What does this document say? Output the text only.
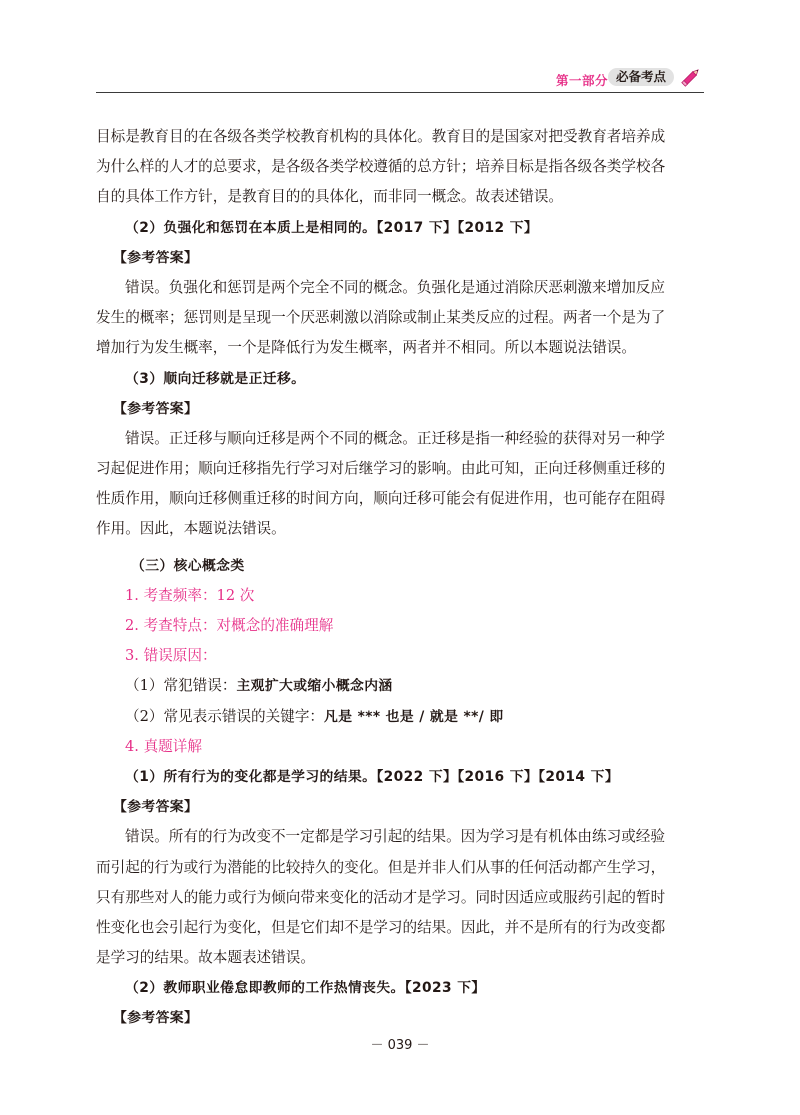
第一部分 必备考点
目标是教育目的在各级各类学校教育机构的具体化。教育目的是国家对把受教育者培养成
为什么样的人才的总要求，是各级各类学校遵循的总方针；培养目标是指各级各类学校各
自的具体工作方针，是教育目的的具体化，而非同一概念。故表述错误。
（2）负强化和惩罚在本质上是相同的。【2017 下】【2012 下】
【参考答案】
错误。负强化和惩罚是两个完全不同的概念。负强化是通过消除厌恶刺激来增加反应
发生的概率；惩罚则是呈现一个厌恶刺激以消除或制止某类反应的过程。两者一个是为了
增加行为发生概率，一个是降低行为发生概率，两者并不相同。所以本题说法错误。
（3）顺向迁移就是正迁移。
【参考答案】
错误。正迁移与顺向迁移是两个不同的概念。正迁移是指一种经验的获得对另一种学
习起促进作用；顺向迁移指先行学习对后继学习的影响。由此可知，正向迁移侧重迁移的
性质作用，顺向迁移侧重迁移的时间方向，顺向迁移可能会有促进作用，也可能存在阻碍
作用。因此，本题说法错误。
（三）核心概念类
1. 考查频率：12 次
2. 考查特点：对概念的准确理解
3. 错误原因：
（1）常犯错误：主观扩大或缩小概念内涵
（2）常见表示错误的关键字：凡是 *** 也是 / 就是 **/ 即
4. 真题详解
（1）所有行为的变化都是学习的结果。【2022 下】【2016 下】【2014 下】
【参考答案】
错误。所有的行为改变不一定都是学习引起的结果。因为学习是有机体由练习或经验
而引起的行为或行为潜能的比较持久的变化。但是并非人们从事的任何活动都产生学习，
只有那些对人的能力或行为倾向带来变化的活动才是学习。同时因适应或服药引起的暂时
性变化也会引起行为变化，但是它们却不是学习的结果。因此，并不是所有的行为改变都
是学习的结果。故本题表述错误。
（2）教师职业倦怠即教师的工作热情丧失。【2023 下】
【参考答案】
－ 039 －
